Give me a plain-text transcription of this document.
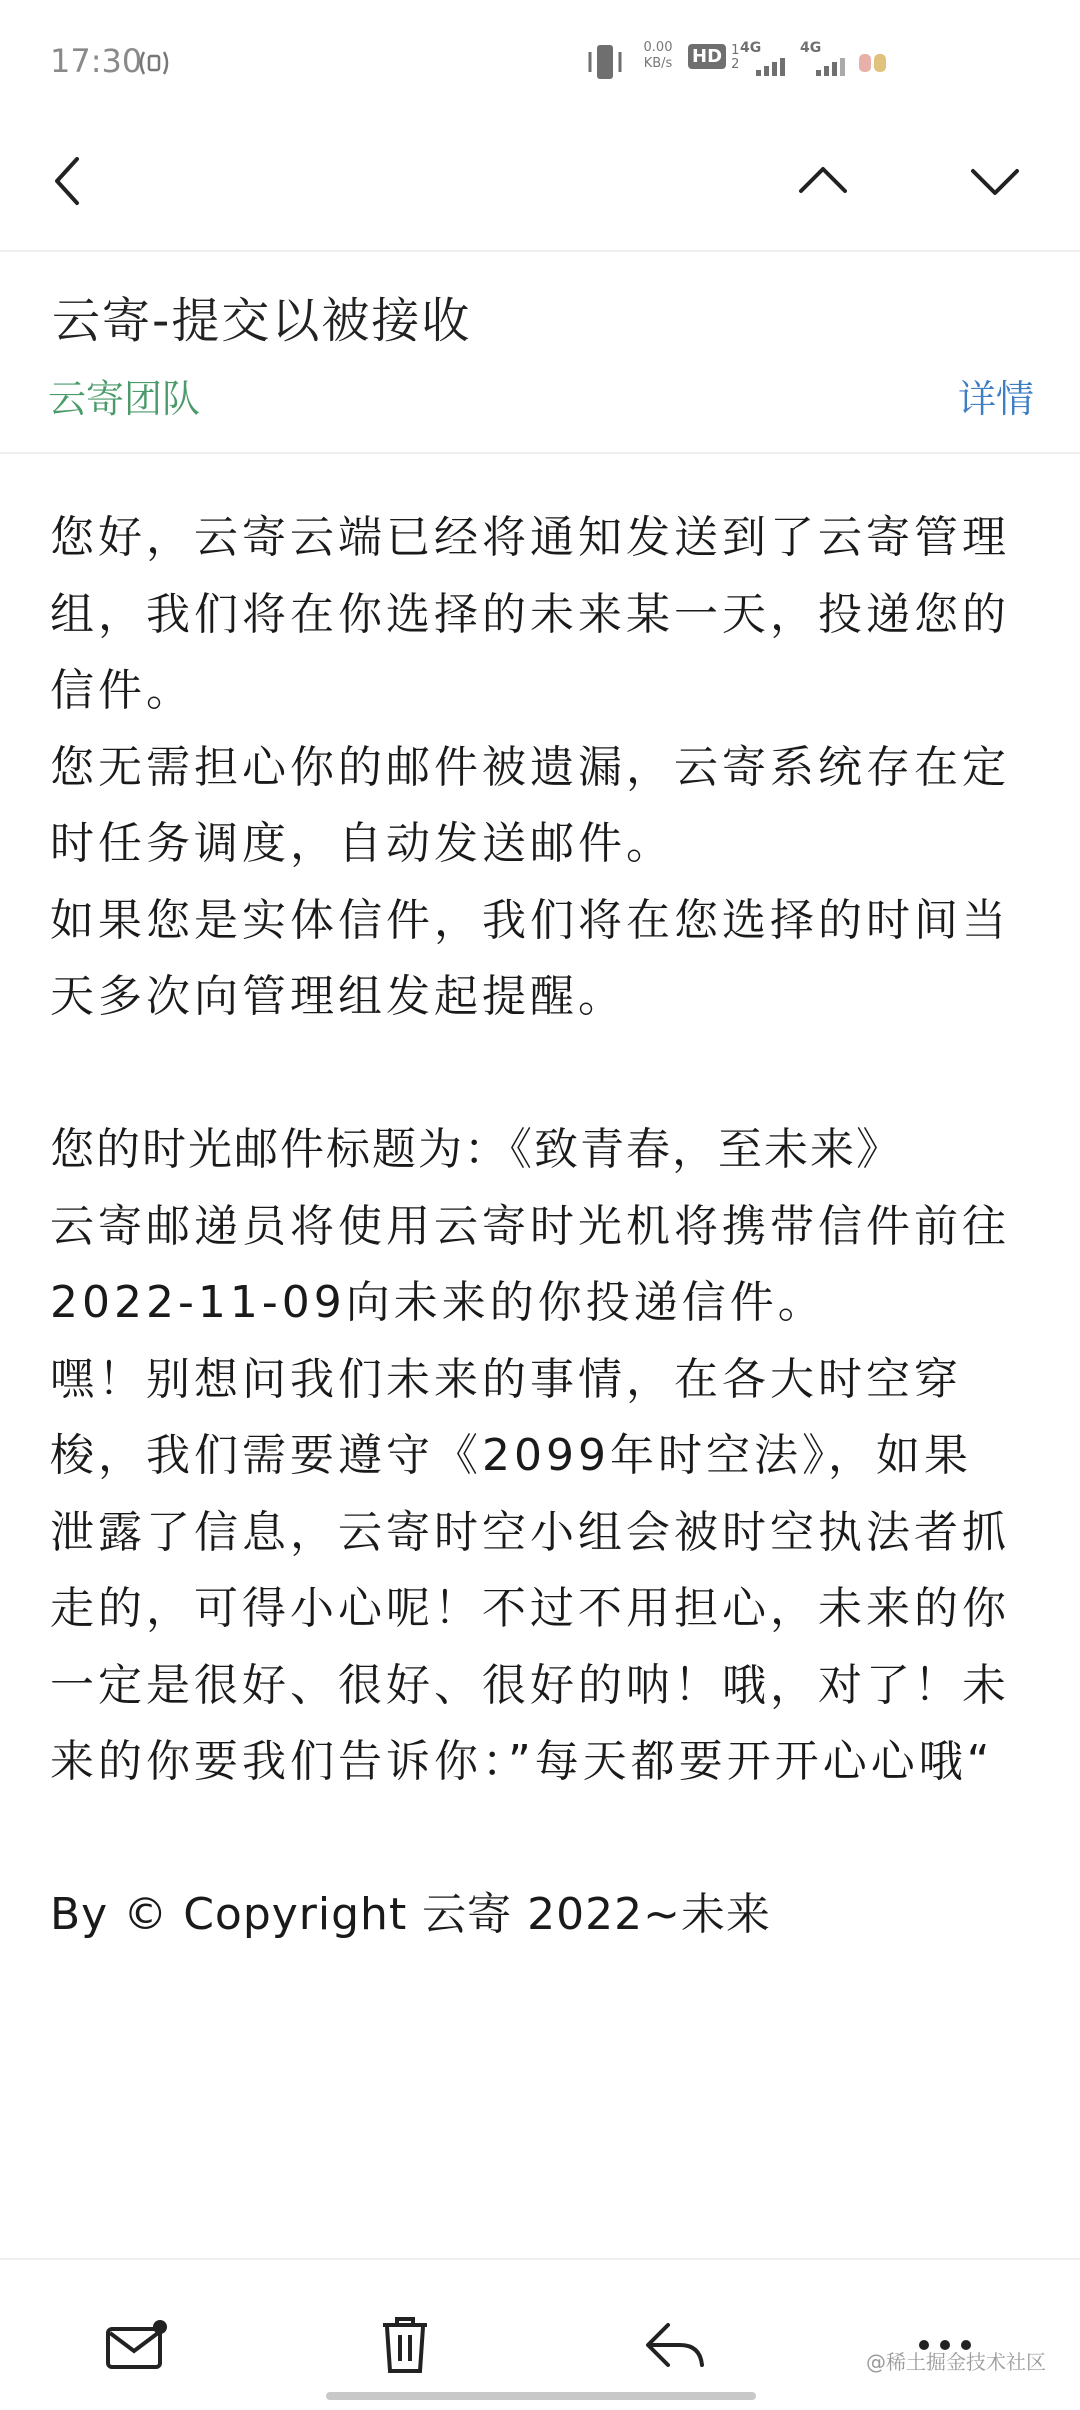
17:30	0.00
KB/s	HD 1
2
4G	4G
云寄-提交以被接收
云寄团队	详情

您好，云寄云端已经将通知发送到了云寄管理组，我们将在你选择的未来某一天，投递您的信件。

您无需担心你的邮件被遗漏，云寄系统存在定时任务调度，自动发送邮件。

如果您是实体信件，我们将在您选择的时间当天多次向管理组发起提醒。

您的时光邮件标题为：《致青春，至未来》

云寄邮递员将使用云寄时光机将携带信件前往2022-11-09向未来的你投递信件。

嘿！别想问我们未来的事情，在各大时空穿梭，我们需要遵守《2099年时空法》，如果泄露了信息，云寄时空小组会被时空执法者抓走的，可得小心呢！不过不用担心，未来的你一定是很好、很好、很好的呐！哦，对了！未来的你要我们告诉你：”每天都要开开心心哦“

By © Copyright 云寄 2022~未来

@稀土掘金技术社区
